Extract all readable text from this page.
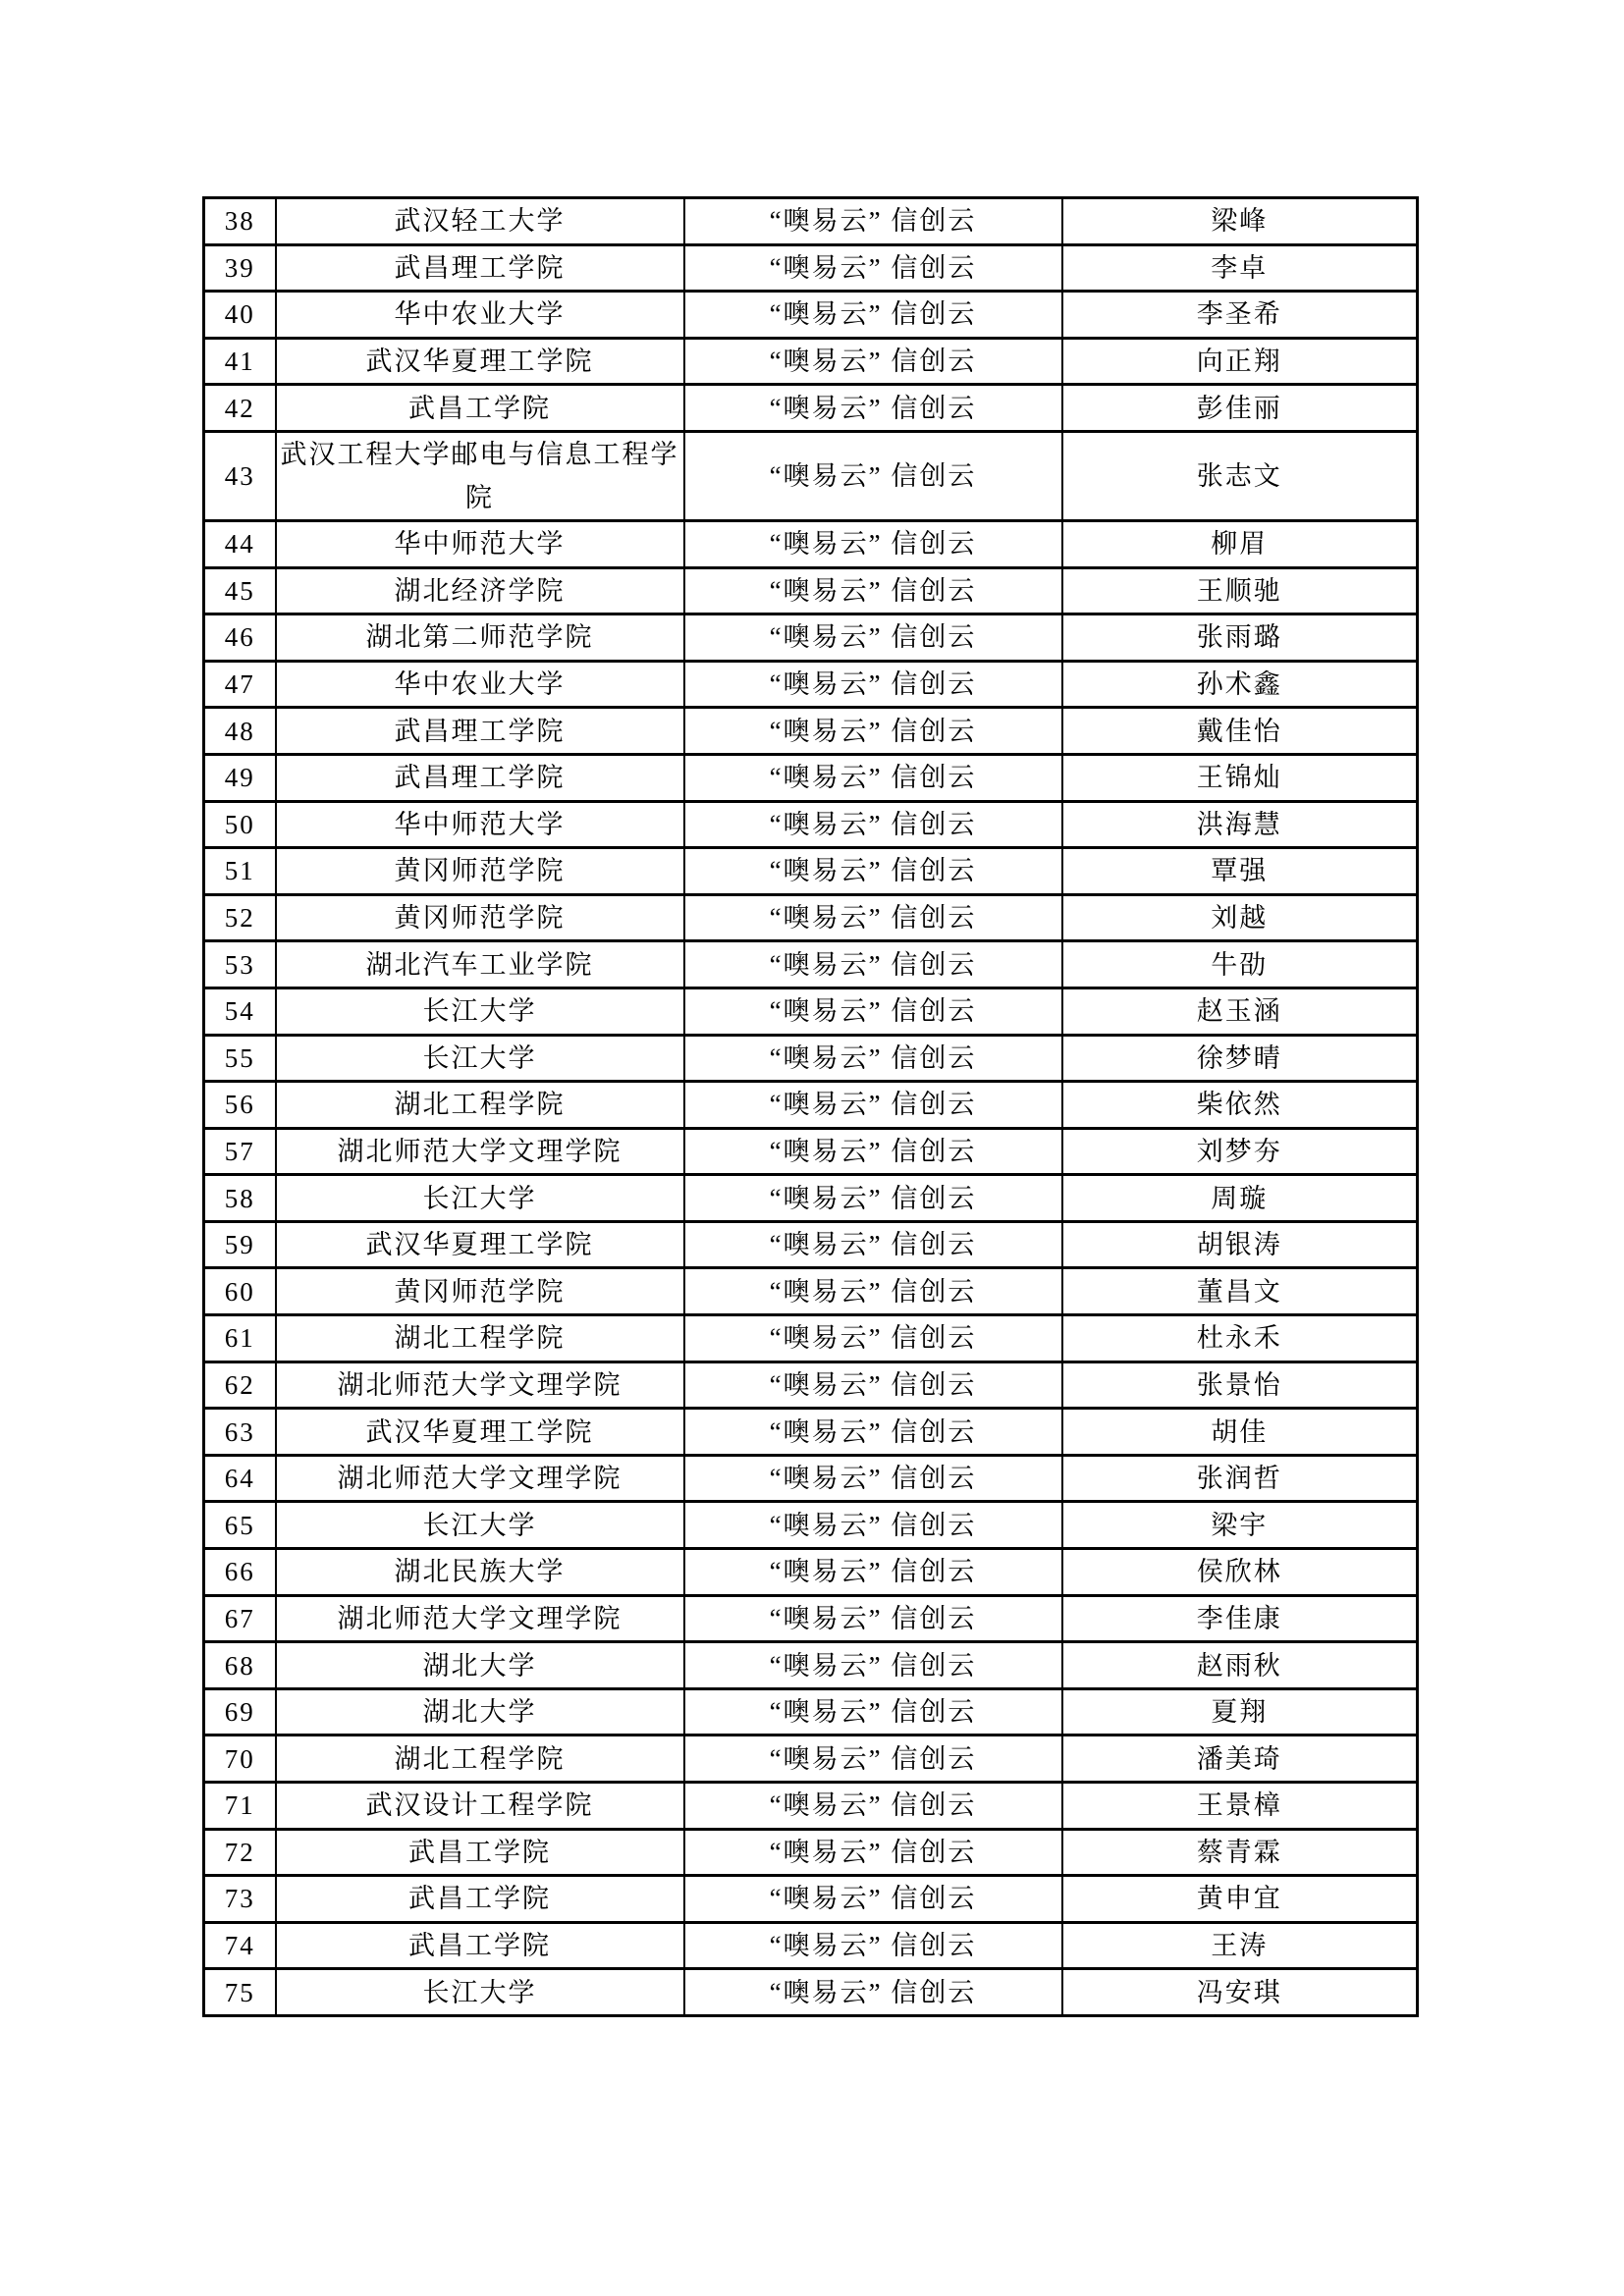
38	武汉轻工大学	“噢易云” 信创云	梁峰
39	武昌理工学院	“噢易云” 信创云	李卓
40	华中农业大学	“噢易云” 信创云	李圣希
41	武汉华夏理工学院	“噢易云” 信创云	向正翔
42	武昌工学院	“噢易云” 信创云	彭佳丽
43	武汉工程大学邮电与信息工程学院	“噢易云” 信创云	张志文
44	华中师范大学	“噢易云” 信创云	柳眉
45	湖北经济学院	“噢易云” 信创云	王顺驰
46	湖北第二师范学院	“噢易云” 信创云	张雨璐
47	华中农业大学	“噢易云” 信创云	孙术鑫
48	武昌理工学院	“噢易云” 信创云	戴佳怡
49	武昌理工学院	“噢易云” 信创云	王锦灿
50	华中师范大学	“噢易云” 信创云	洪海慧
51	黄冈师范学院	“噢易云” 信创云	覃强
52	黄冈师范学院	“噢易云” 信创云	刘越
53	湖北汽车工业学院	“噢易云” 信创云	牛劭
54	长江大学	“噢易云” 信创云	赵玉涵
55	长江大学	“噢易云” 信创云	徐梦晴
56	湖北工程学院	“噢易云” 信创云	柴依然
57	湖北师范大学文理学院	“噢易云” 信创云	刘梦夯
58	长江大学	“噢易云” 信创云	周璇
59	武汉华夏理工学院	“噢易云” 信创云	胡银涛
60	黄冈师范学院	“噢易云” 信创云	董昌文
61	湖北工程学院	“噢易云” 信创云	杜永禾
62	湖北师范大学文理学院	“噢易云” 信创云	张景怡
63	武汉华夏理工学院	“噢易云” 信创云	胡佳
64	湖北师范大学文理学院	“噢易云” 信创云	张润哲
65	长江大学	“噢易云” 信创云	梁宇
66	湖北民族大学	“噢易云” 信创云	侯欣林
67	湖北师范大学文理学院	“噢易云” 信创云	李佳康
68	湖北大学	“噢易云” 信创云	赵雨秋
69	湖北大学	“噢易云” 信创云	夏翔
70	湖北工程学院	“噢易云” 信创云	潘美琦
71	武汉设计工程学院	“噢易云” 信创云	王景樟
72	武昌工学院	“噢易云” 信创云	蔡青霖
73	武昌工学院	“噢易云” 信创云	黄申宜
74	武昌工学院	“噢易云” 信创云	王涛
75	长江大学	“噢易云” 信创云	冯安琪
